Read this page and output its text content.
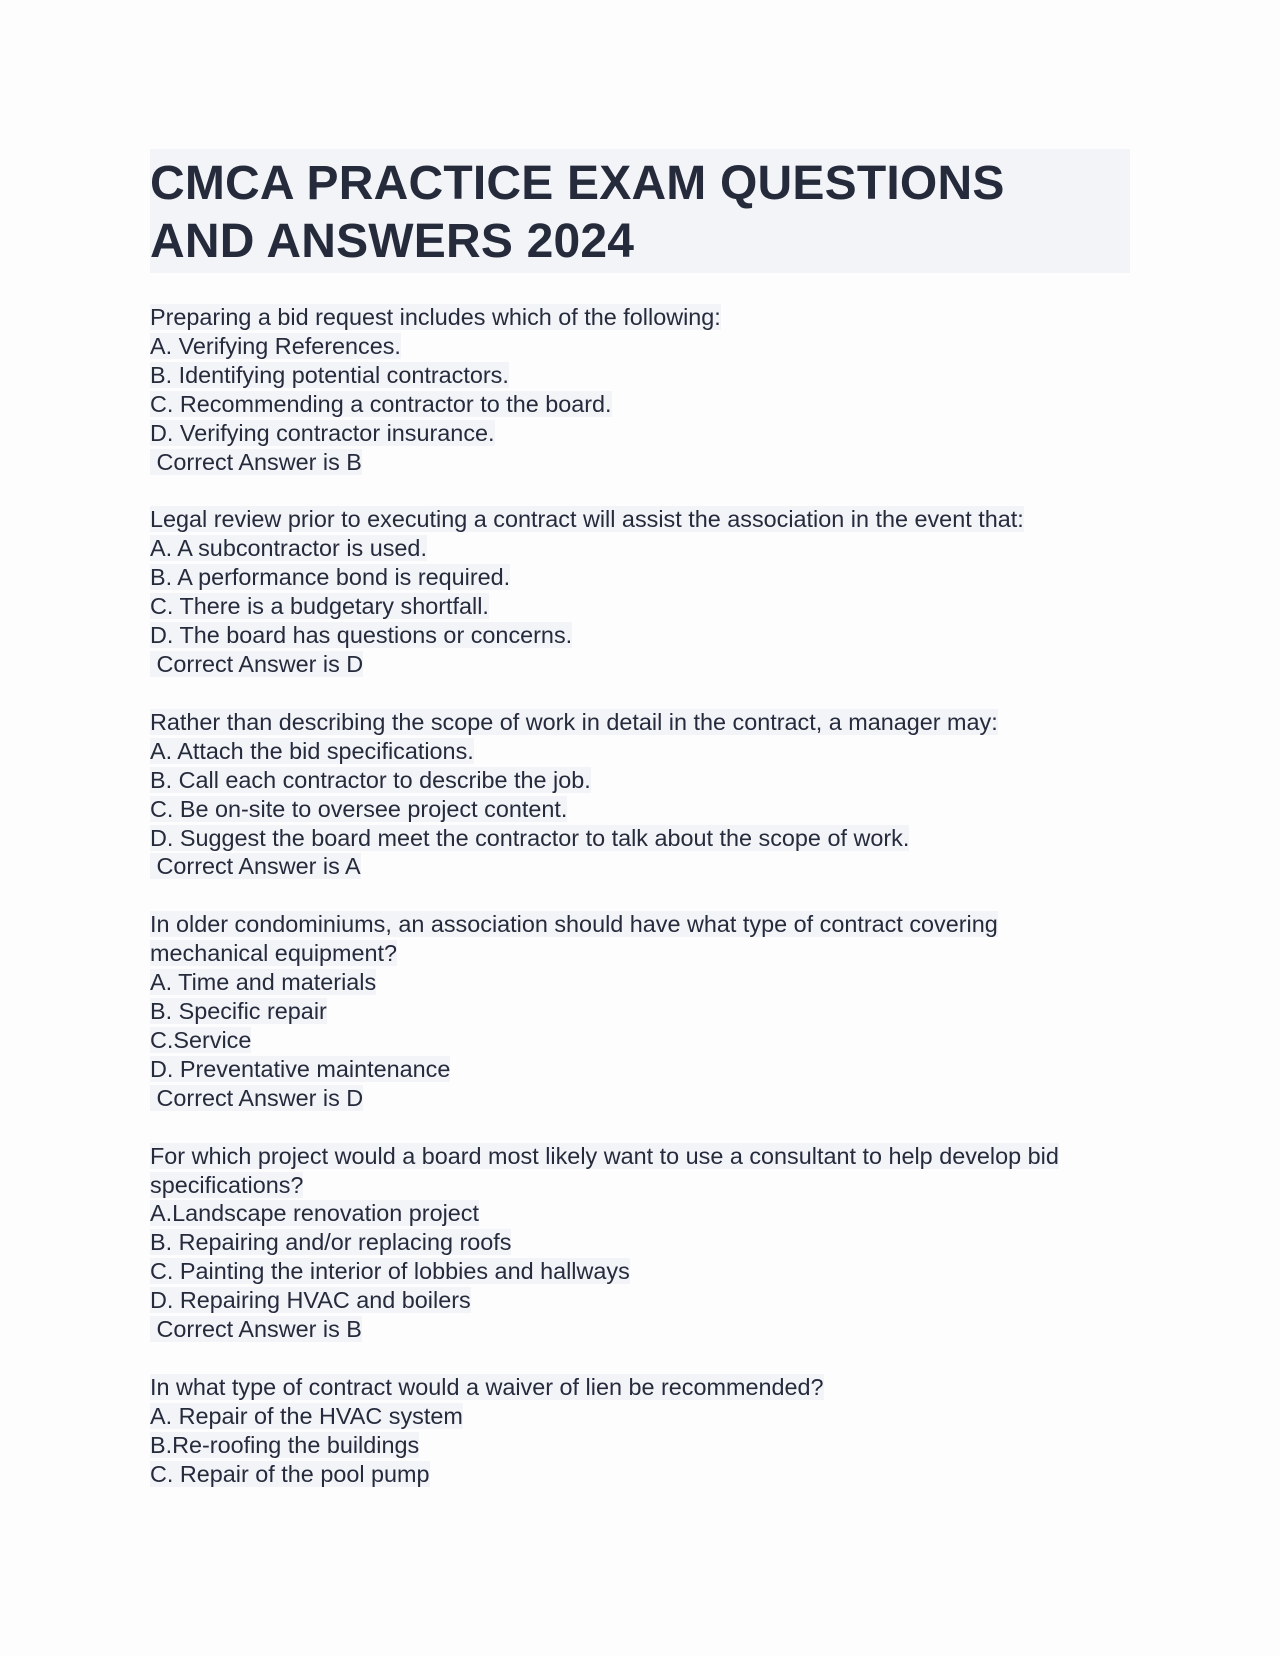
CMCA PRACTICE EXAM QUESTIONS
AND ANSWERS 2024
Preparing a bid request includes which of the following:
A. Verifying References.
B. Identifying potential contractors.
C. Recommending a contractor to the board.
D. Verifying contractor insurance.
Correct Answer is B
Legal review prior to executing a contract will assist the association in the event that:
A. A subcontractor is used.
B. A performance bond is required.
C. There is a budgetary shortfall.
D. The board has questions or concerns.
Correct Answer is D
Rather than describing the scope of work in detail in the contract, a manager may:
A. Attach the bid specifications.
B. Call each contractor to describe the job.
C. Be on-site to oversee project content.
D. Suggest the board meet the contractor to talk about the scope of work.
Correct Answer is A
In older condominiums, an association should have what type of contract covering
mechanical equipment?
A. Time and materials
B. Specific repair
C.Service
D. Preventative maintenance
Correct Answer is D
For which project would a board most likely want to use a consultant to help develop bid
specifications?
A.Landscape renovation project
B. Repairing and/or replacing roofs
C. Painting the interior of lobbies and hallways
D. Repairing HVAC and boilers
Correct Answer is B
In what type of contract would a waiver of lien be recommended?
A. Repair of the HVAC system
B.Re-roofing the buildings
C. Repair of the pool pump
